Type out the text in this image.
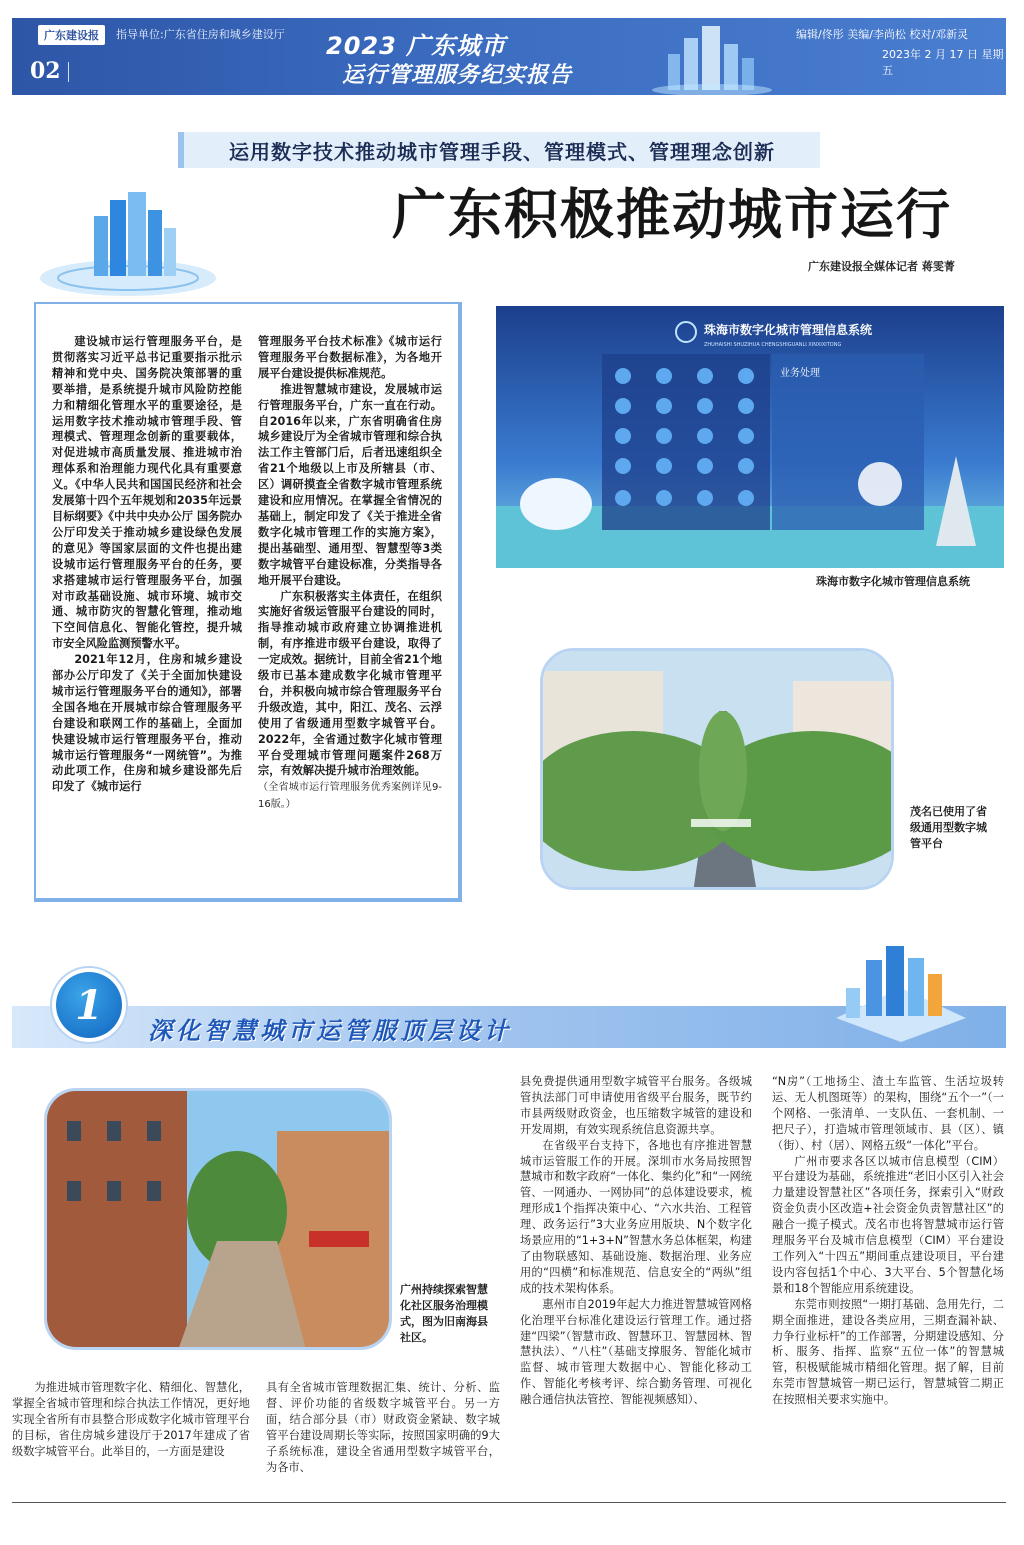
广东建设报	指导单位:广东省住房和城乡建设厅
02
2023 广东城市
运行管理服务纪实报告
编辑/佟彤 美编/李尚松 校对/邓新灵
2023年 2 月 17 日 星期五
运用数字技术推动城市管理手段、管理模式、管理理念创新
广东积极推动城市运行
广东建设报全媒体记者 蒋雯菁

建设城市运行管理服务平台，是贯彻落实习近平总书记重要指示批示精神和党中央、国务院决策部署的重要举措，是系统提升城市风险防控能力和精细化管理水平的重要途径，是运用数字技术推动城市管理手段、管理模式、管理理念创新的重要载体，对促进城市高质量发展、推进城市治理体系和治理能力现代化具有重要意义。《中华人民共和国国民经济和社会发展第十四个五年规划和2035年远景目标纲要》《中共中央办公厅 国务院办公厅印发关于推动城乡建设绿色发展的意见》等国家层面的文件也提出建设城市运行管理服务平台的任务，要求搭建城市运行管理服务平台，加强对市政基础设施、城市环境、城市交通、城市防灾的智慧化管理，推动地下空间信息化、智能化管控，提升城市安全风险监测预警水平。

2021年12月，住房和城乡建设部办公厅印发了《关于全面加快建设城市运行管理服务平台的通知》，部署全国各地在开展城市综合管理服务平台建设和联网工作的基础上，全面加快建设城市运行管理服务平台，推动城市运行管理服务“一网统管”。为推动此项工作，住房和城乡建设部先后印发了《城市运行

管理服务平台技术标准》《城市运行管理服务平台数据标准》，为各地开展平台建设提供标准规范。

推进智慧城市建设，发展城市运行管理服务平台，广东一直在行动。自2016年以来，广东省明确省住房城乡建设厅为全省城市管理和综合执法工作主管部门后，后者迅速组织全省21个地级以上市及所辖县（市、区）调研摸查全省数字城市管理系统建设和应用情况。在掌握全省情况的基础上，制定印发了《关于推进全省数字化城市管理工作的实施方案》，提出基础型、通用型、智慧型等3类数字城管平台建设标准，分类指导各地开展平台建设。

广东积极落实主体责任，在组织实施好省级运管服平台建设的同时，指导推动城市政府建立协调推进机制，有序推进市级平台建设，取得了一定成效。据统计，目前全省21个地级市已基本建成数字化城市管理平台，并积极向城市综合管理服务平台升级改造，其中，阳江、茂名、云浮使用了省级通用型数字城管平台。2022年，全省通过数字化城市管理平台受理城市管理问题案件268万宗，有效解决提升城市治理效能。

（全省城市运行管理服务优秀案例详见9-16版。）
珠海市数字化城市管理信息系统
ZHUHAISHI SHUZIHUA CHENGSHIGUANLI XINXIXITONG
业务处理
珠海市数字化城市管理信息系统
茂名已使用了省级通用型数字城管平台
1
深化智慧城市运管服顶层设计
广州持续探索智慧化社区服务治理模式，图为旧南海县社区。

为推进城市管理数字化、精细化、智慧化，掌握全省城市管理和综合执法工作情况，更好地实现全省所有市县整合形成数字化城市管理平台的目标，省住房城乡建设厅于2017年建成了省级数字城管平台。此举目的，一方面是建设

具有全省城市管理数据汇集、统计、分析、监督、评价功能的省级数字城管平台。另一方面，结合部分县（市）财政资金紧缺、数字城管平台建设周期长等实际，按照国家明确的9大子系统标准，建设全省通用型数字城管平台，为各市、

县免费提供通用型数字城管平台服务。各级城管执法部门可申请使用省级平台服务，既节约市县两级财政资金，也压缩数字城管的建设和开发周期，有效实现系统信息资源共享。

在省级平台支持下，各地也有序推进智慧城市运管服工作的开展。深圳市水务局按照智慧城市和数字政府“一体化、集约化”和“一网统管、一网通办、一网协同”的总体建设要求，梳理形成1个指挥决策中心、“六水共治、工程管理、政务运行”3大业务应用版块、N个数字化场景应用的“1+3+N”智慧水务总体框架，构建了由物联感知、基础设施、数据治理、业务应用的“四横”和标准规范、信息安全的“两纵”组成的技术架构体系。

惠州市自2019年起大力推进智慧城管网格化治理平台标准化建设运行管理工作。通过搭建“四梁”（智慧市政、智慧环卫、智慧园林、智慧执法）、“八柱”（基础支撑服务、智能化城市监督、城市管理大数据中心、智能化移动工作、智能化考核考评、综合勤务管理、可视化融合通信执法管控、智能视频感知）、

“N房”（工地扬尘、渣土车监管、生活垃圾转运、无人机图斑等）的架构，围绕“五个一”（一个网格、一张清单、一支队伍、一套机制、一把尺子），打造城市管理领域市、县（区）、镇（街）、村（居）、网格五级“一体化”平台。

广州市要求各区以城市信息模型（CIM）平台建设为基础，系统推进“老旧小区引入社会力量建设智慧社区”各项任务，探索引入“财政资金负责小区改造+社会资金负责智慧社区”的融合一揽子模式。茂名市也将智慧城市运行管理服务平台及城市信息模型（CIM）平台建设工作列入“十四五”期间重点建设项目，平台建设内容包括1个中心、3大平台、5个智慧化场景和18个智能应用系统建设。

东莞市则按照“一期打基础、急用先行，二期全面推进，建设各类应用，三期查漏补缺、力争行业标杆”的工作部署，分期建设感知、分析、服务、指挥、监察“五位一体”的智慧城管，积极赋能城市精细化管理。据了解，目前东莞市智慧城管一期已运行，智慧城管二期正在按照相关要求实施中。
